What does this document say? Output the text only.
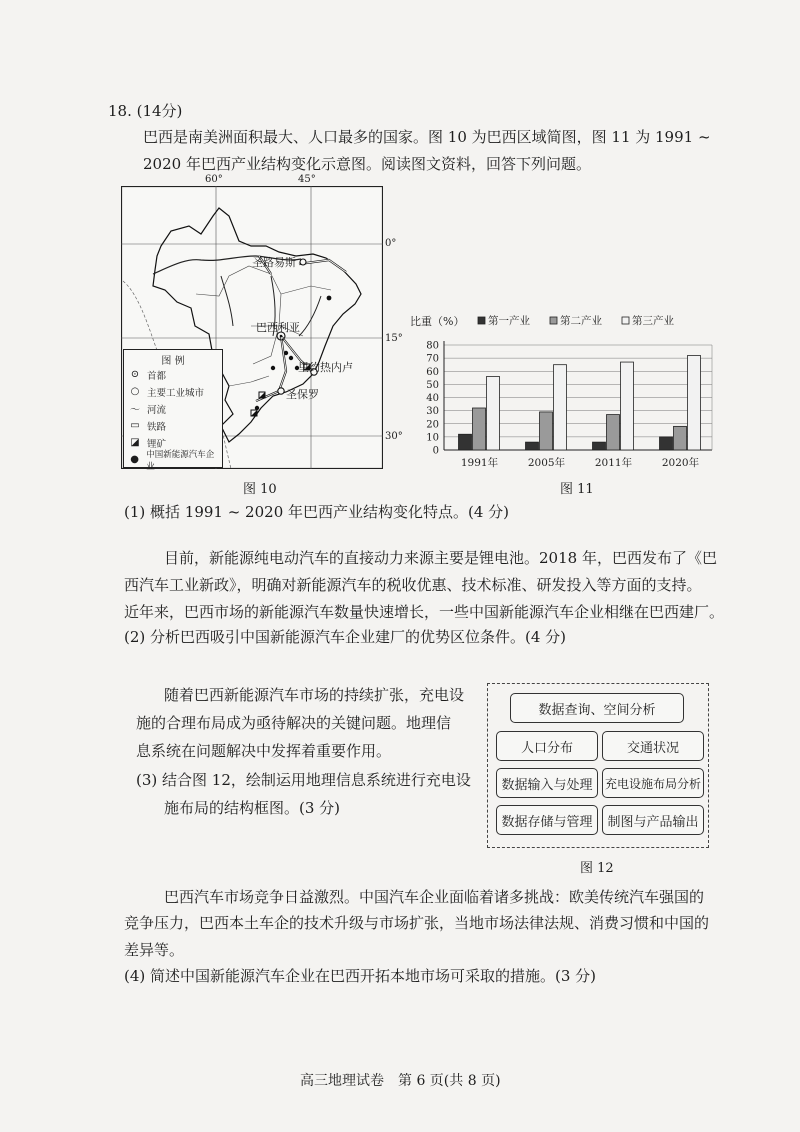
18. (14分)
巴西是南美洲面积最大、人口最多的国家。图 10 为巴西区域简图，图 11 为 1991 ~
2020 年巴西产业结构变化示意图。阅读图文资料，回答下列问题。
60°	45°
0°
15°
30°
圣路易斯
巴西利亚
里约热内卢
圣保罗
图 例
⊙ 首都
○ 主要工业城市
～ 河流
▭ 铁路
◪ 锂矿
● 中国新能源汽车企业
图 10
比重（%） 第一产业	第二产业	第三产业
0
10
20
30
40
50
60
70
80
1991年	2005年	2011年	2020年
图 11
(1) 概括 1991 ~ 2020 年巴西产业结构变化特点。(4 分)
目前，新能源纯电动汽车的直接动力来源主要是锂电池。2018 年，巴西发布了《巴
西汽车工业新政》，明确对新能源汽车的税收优惠、技术标准、研发投入等方面的支持。
近年来，巴西市场的新能源汽车数量快速增长，一些中国新能源汽车企业相继在巴西建厂。
(2) 分析巴西吸引中国新能源汽车企业建厂的优势区位条件。(4 分)
随着巴西新能源汽车市场的持续扩张，充电设
施的合理布局成为亟待解决的关键问题。地理信
息系统在问题解决中发挥着重要作用。
(3) 结合图 12，绘制运用地理信息系统进行充电设
施布局的结构框图。(3 分)
数据查询、空间分析
人口分布	交通状况
数据输入与处理	充电设施布局分析
数据存储与管理	制图与产品输出
图 12
巴西汽车市场竞争日益激烈。中国汽车企业面临着诸多挑战：欧美传统汽车强国的
竞争压力，巴西本土车企的技术升级与市场扩张，当地市场法律法规、消费习惯和中国的
差异等。
(4) 简述中国新能源汽车企业在巴西开拓本地市场可采取的措施。(3 分)
高三地理试卷　第 6 页(共 8 页)
